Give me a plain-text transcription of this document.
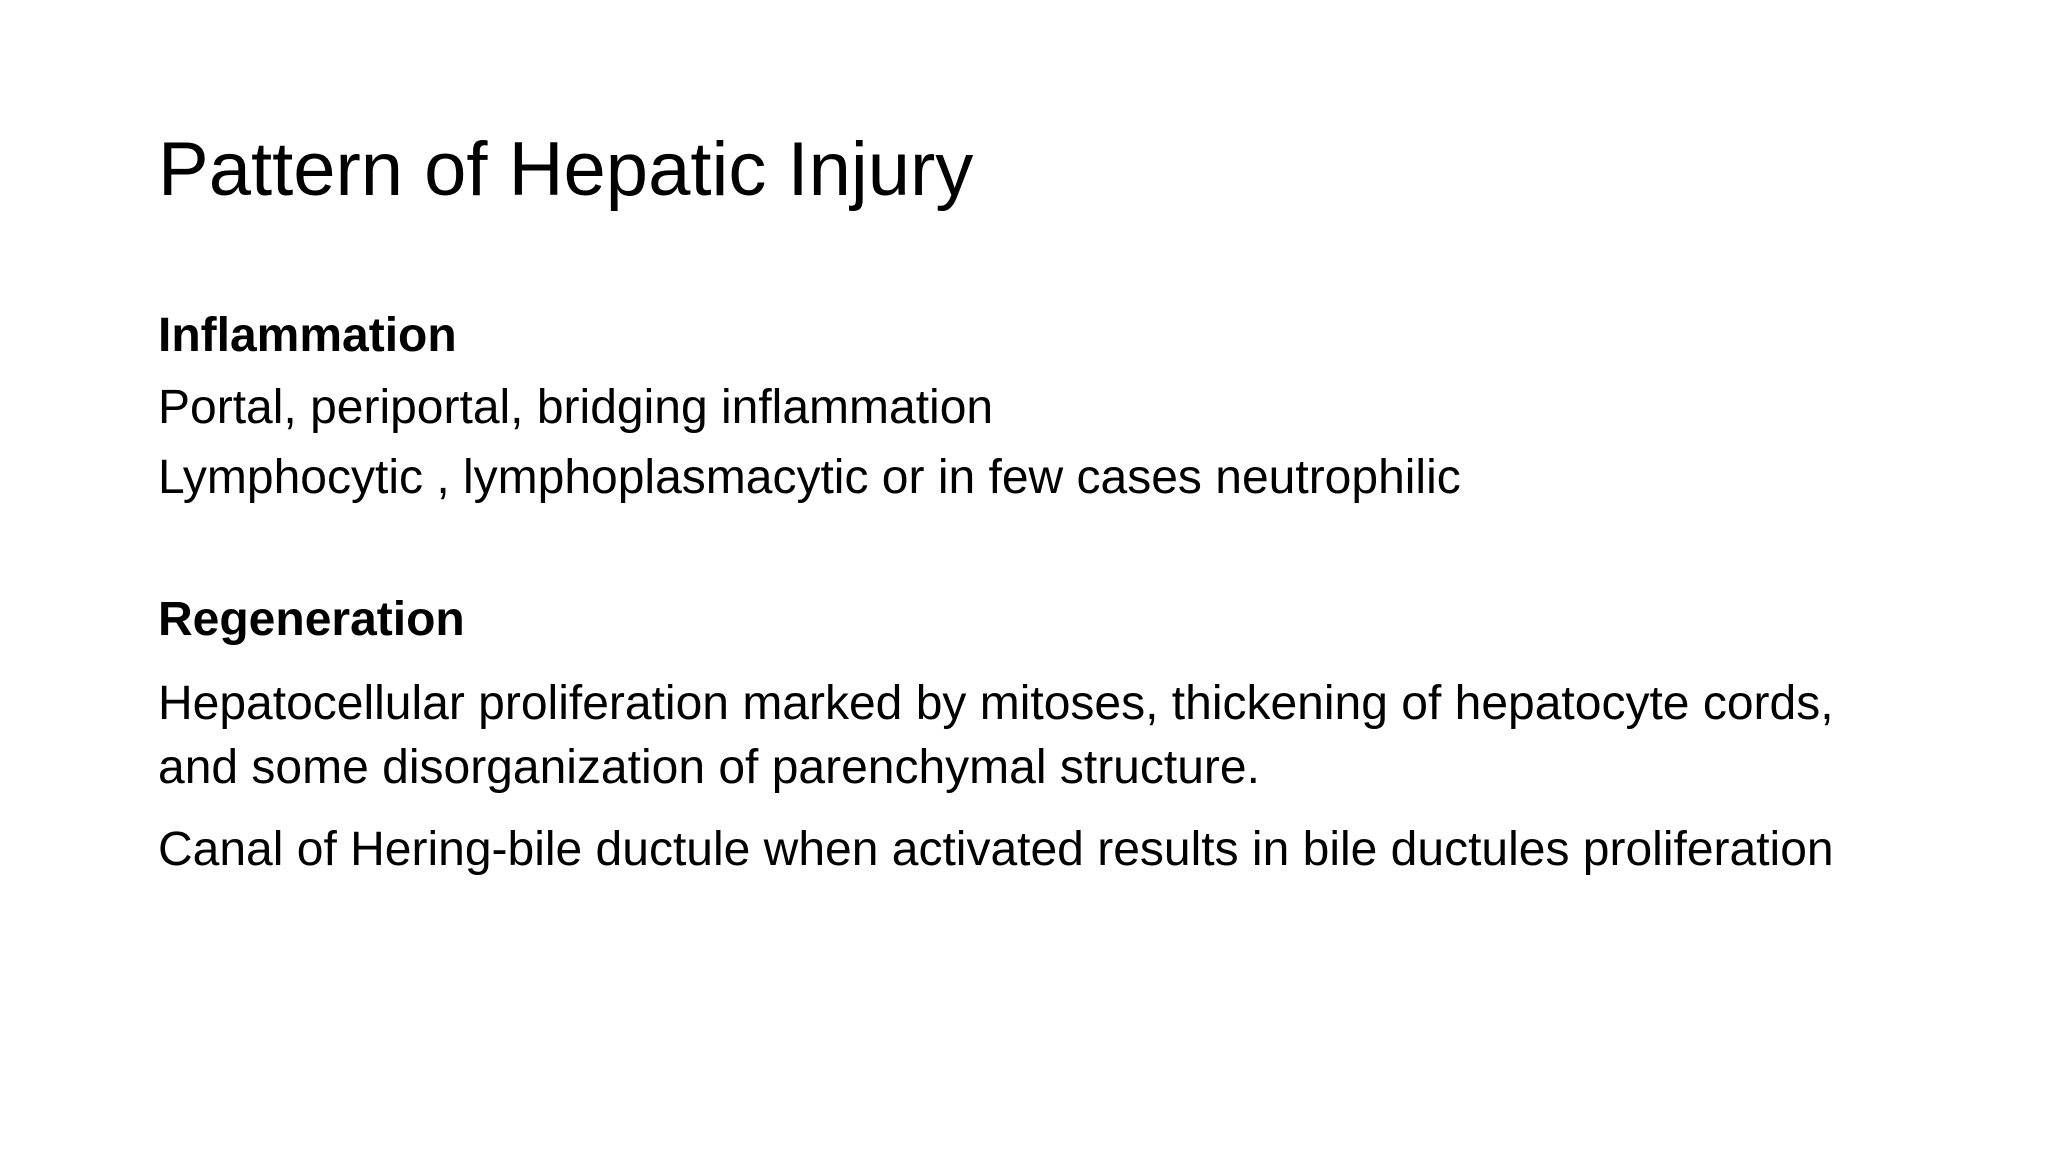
Pattern of Hepatic Injury

Inflammation

Portal, periportal, bridging inflammation

Lymphocytic , lymphoplasmacytic or in few cases neutrophilic

Regeneration

Hepatocellular proliferation marked by mitoses, thickening of hepatocyte cords, and some disorganization of parenchymal structure.

Canal of Hering-bile ductule when activated results in bile ductules proliferation
